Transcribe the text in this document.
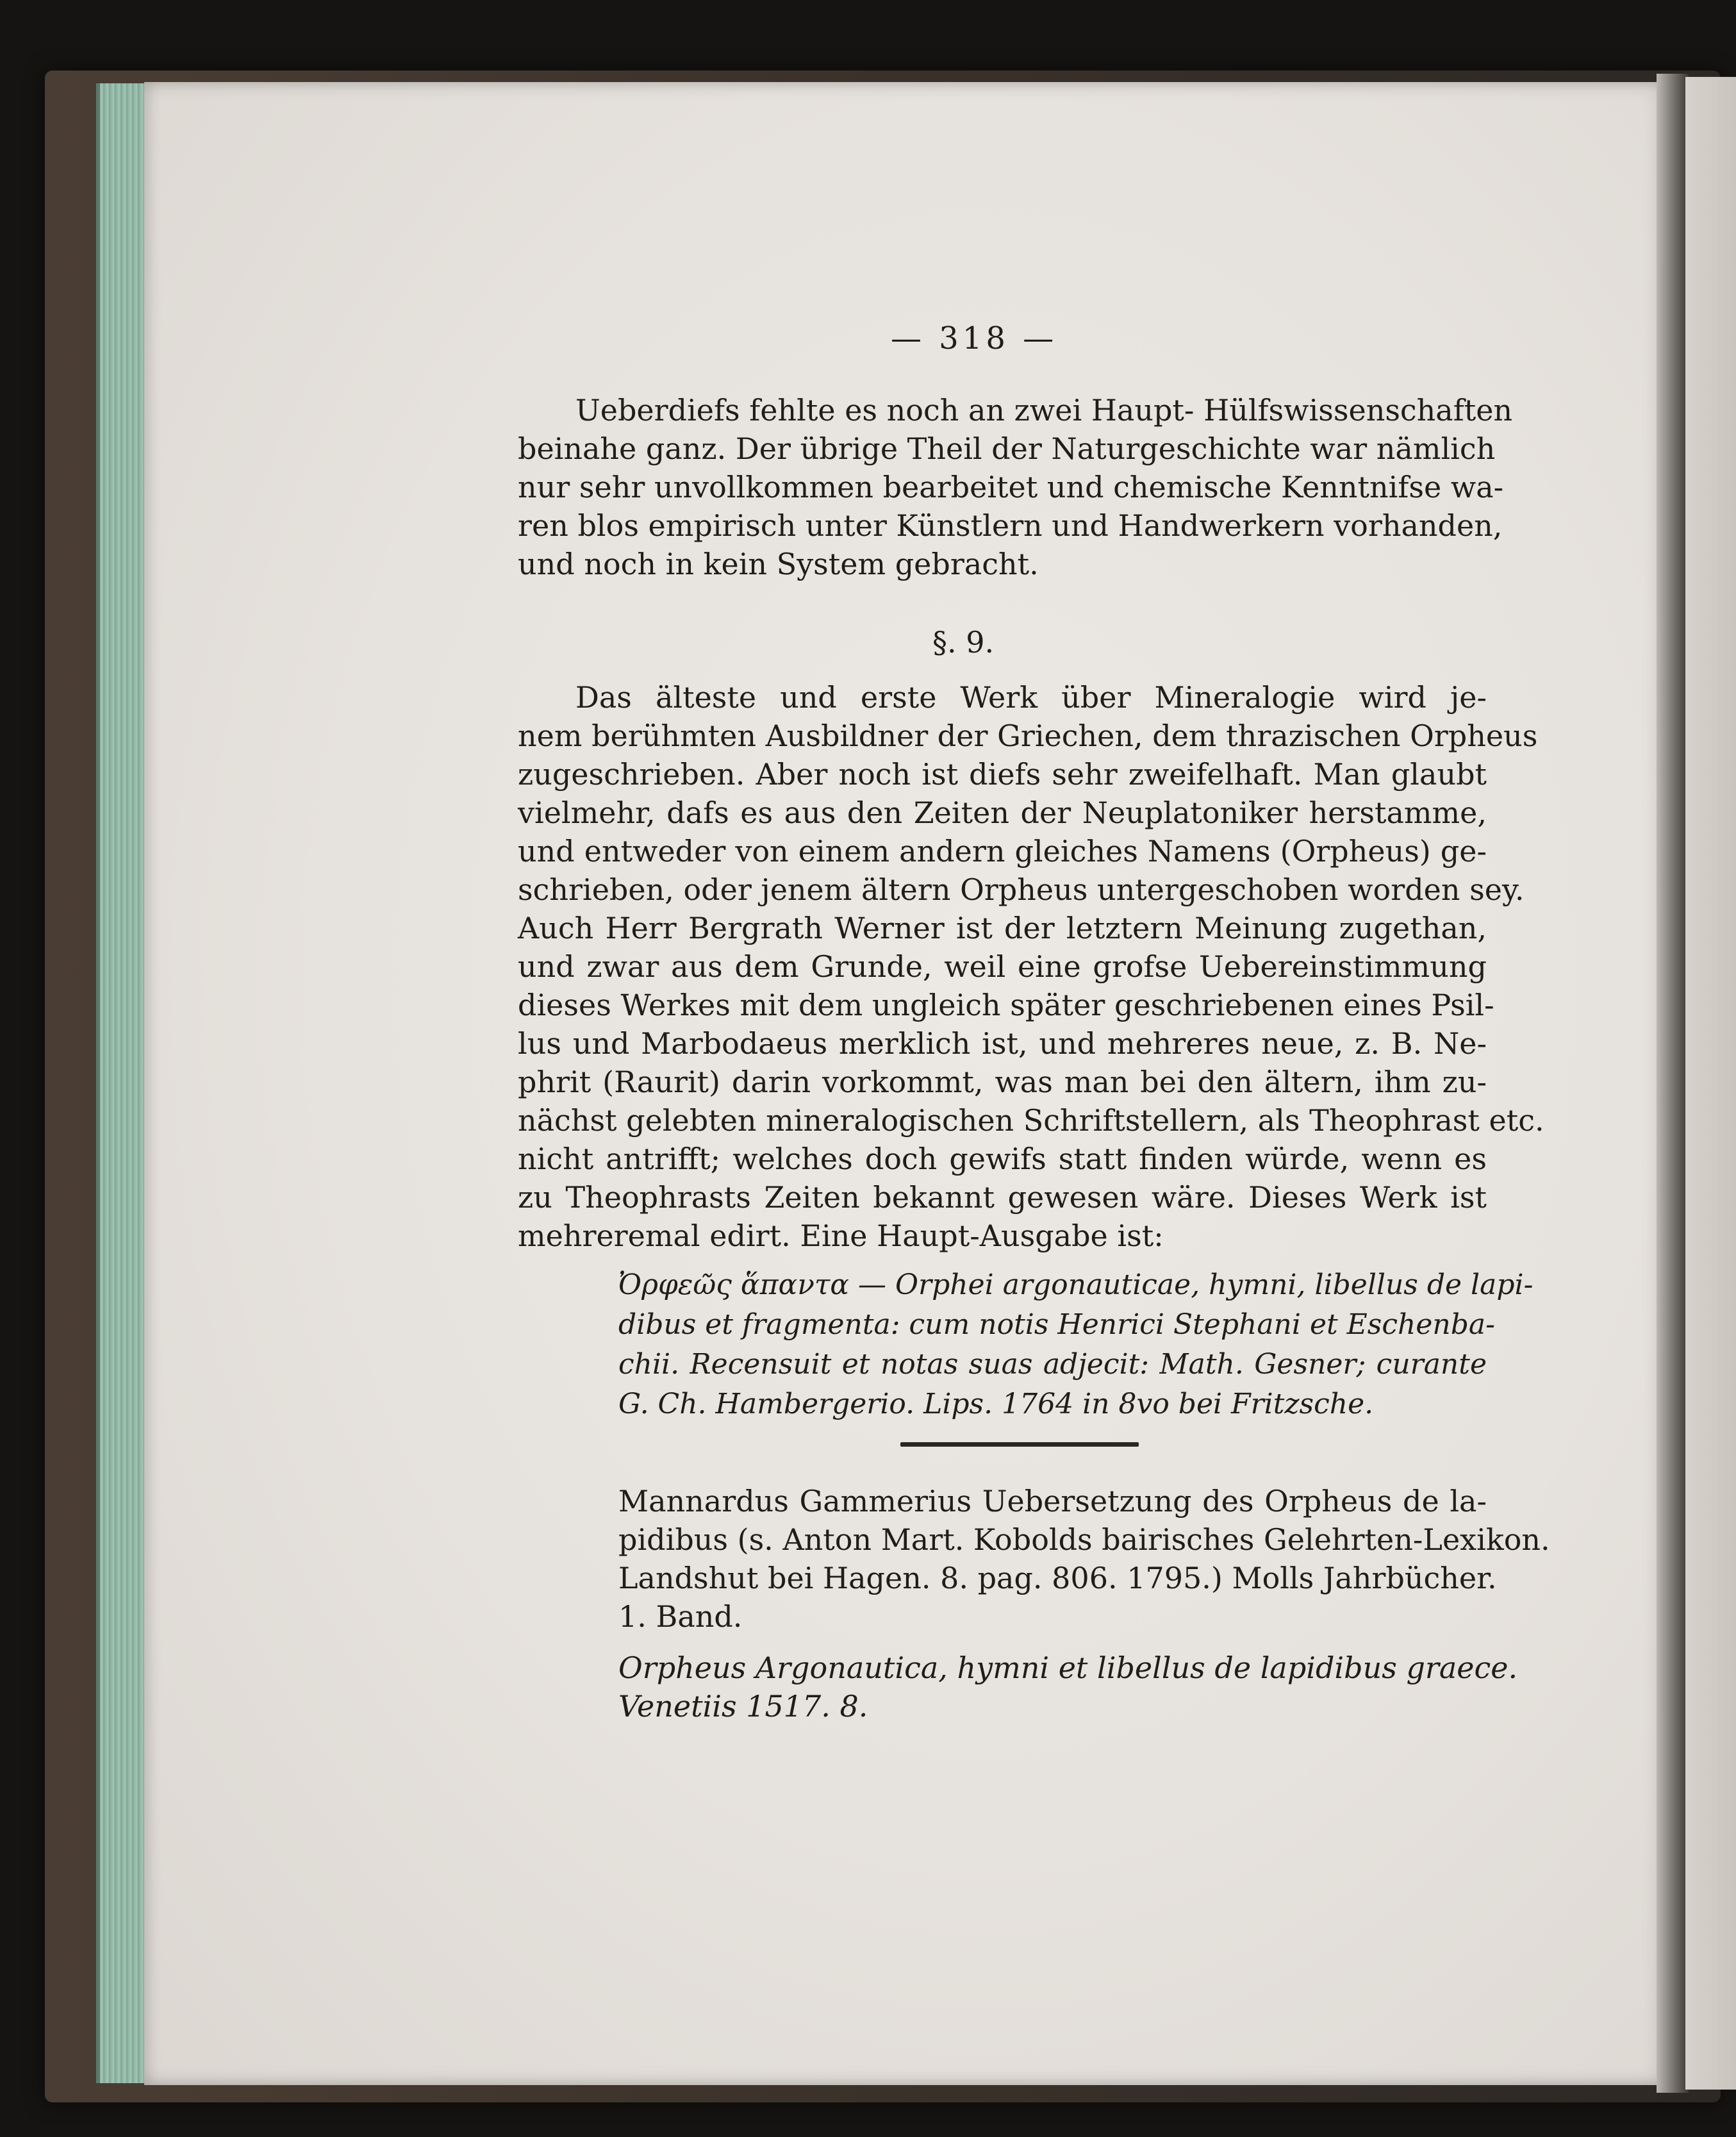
— 318 —
Ueberdiefs fehlte es noch an zwei Haupt- Hülfswissenschaften
beinahe ganz. Der übrige Theil der Naturgeschichte war nämlich
nur sehr unvollkommen bearbeitet und chemische Kenntnifse wa-
ren blos empirisch unter Künstlern und Handwerkern vorhanden,
und noch in kein System gebracht.
§. 9.
Das älteste und erste Werk über Mineralogie wird je-
nem berühmten Ausbildner der Griechen, dem thrazischen Orpheus
zugeschrieben. Aber noch ist diefs sehr zweifelhaft. Man glaubt
vielmehr, dafs es aus den Zeiten der Neuplatoniker herstamme,
und entweder von einem andern gleiches Namens (Orpheus) ge-
schrieben, oder jenem ältern Orpheus untergeschoben worden sey.
Auch Herr Bergrath Werner ist der letztern Meinung zugethan,
und zwar aus dem Grunde, weil eine grofse Uebereinstimmung
dieses Werkes mit dem ungleich später geschriebenen eines Psil-
lus und Marbodaeus merklich ist, und mehreres neue, z. B. Ne-
phrit (Raurit) darin vorkommt, was man bei den ältern, ihm zu-
nächst gelebten mineralogischen Schriftstellern, als Theophrast etc.
nicht antrifft; welches doch gewifs statt finden würde, wenn es
zu Theophrasts Zeiten bekannt gewesen wäre. Dieses Werk ist
mehreremal edirt. Eine Haupt-Ausgabe ist:
Ὀρφεῶς ἅπαντα — Orphei argonauticae, hymni, libellus de lapi-
dibus et fragmenta: cum notis Henrici Stephani et Eschenba-
chii. Recensuit et notas suas adjecit: Math. Gesner; curante
G. Ch. Hambergerio. Lips. 1764 in 8vo bei Fritzsche.
Mannardus Gammerius Uebersetzung des Orpheus de la-
pidibus (s. Anton Mart. Kobolds bairisches Gelehrten-Lexikon.
Landshut bei Hagen. 8. pag. 806. 1795.) Molls Jahrbücher.
1. Band.
Orpheus Argonautica, hymni et libellus de lapidibus graece.
Venetiis 1517. 8.
